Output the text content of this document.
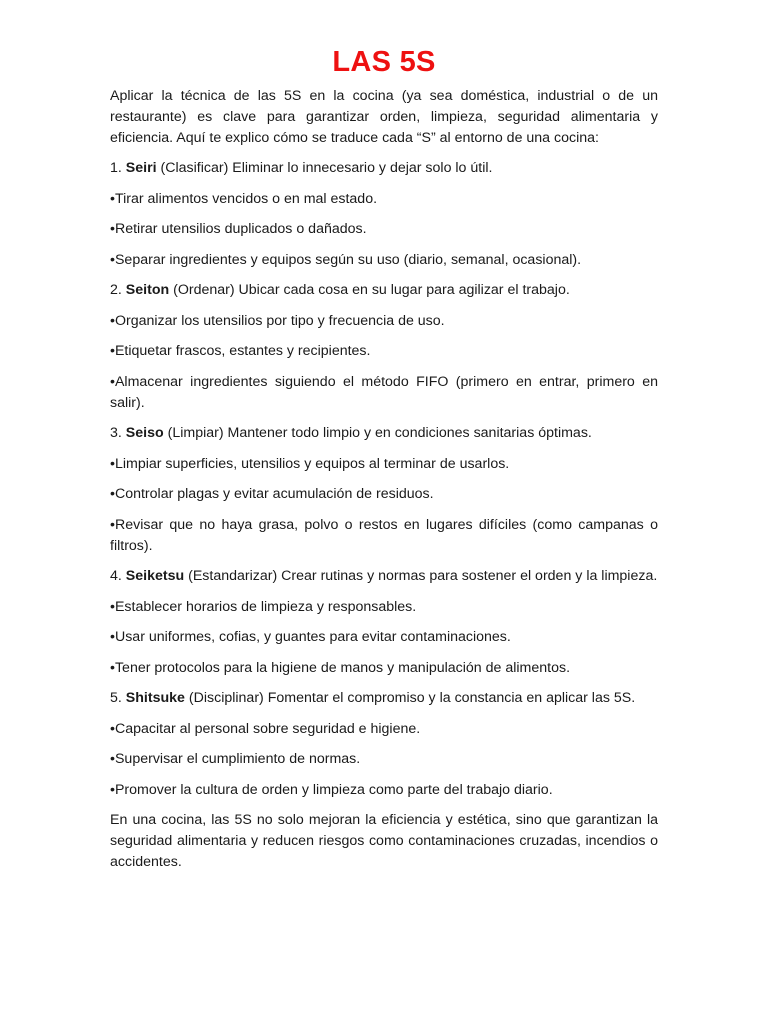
LAS 5S

Aplicar la técnica de las 5S en la cocina (ya sea doméstica, industrial o de un restaurante) es clave para garantizar orden, limpieza, seguridad alimentaria y eficiencia. Aquí te explico cómo se traduce cada “S” al entorno de una cocina:

1. Seiri (Clasificar) Eliminar lo innecesario y dejar solo lo útil.

•Tirar alimentos vencidos o en mal estado.

•Retirar utensilios duplicados o dañados.

•Separar ingredientes y equipos según su uso (diario, semanal, ocasional).

2. Seiton (Ordenar) Ubicar cada cosa en su lugar para agilizar el trabajo.

•Organizar los utensilios por tipo y frecuencia de uso.

•Etiquetar frascos, estantes y recipientes.

•Almacenar ingredientes siguiendo el método FIFO (primero en entrar, primero en salir).

3. Seiso (Limpiar) Mantener todo limpio y en condiciones sanitarias óptimas.

•Limpiar superficies, utensilios y equipos al terminar de usarlos.

•Controlar plagas y evitar acumulación de residuos.

•Revisar que no haya grasa, polvo o restos en lugares difíciles (como campanas o filtros).

4. Seiketsu (Estandarizar) Crear rutinas y normas para sostener el orden y la limpieza.

•Establecer horarios de limpieza y responsables.

•Usar uniformes, cofias, y guantes para evitar contaminaciones.

•Tener protocolos para la higiene de manos y manipulación de alimentos.

5. Shitsuke (Disciplinar) Fomentar el compromiso y la constancia en aplicar las 5S.

•Capacitar al personal sobre seguridad e higiene.

•Supervisar el cumplimiento de normas.

•Promover la cultura de orden y limpieza como parte del trabajo diario.

En una cocina, las 5S no solo mejoran la eficiencia y estética, sino que garantizan la seguridad alimentaria y reducen riesgos como contaminaciones cruzadas, incendios o accidentes.
